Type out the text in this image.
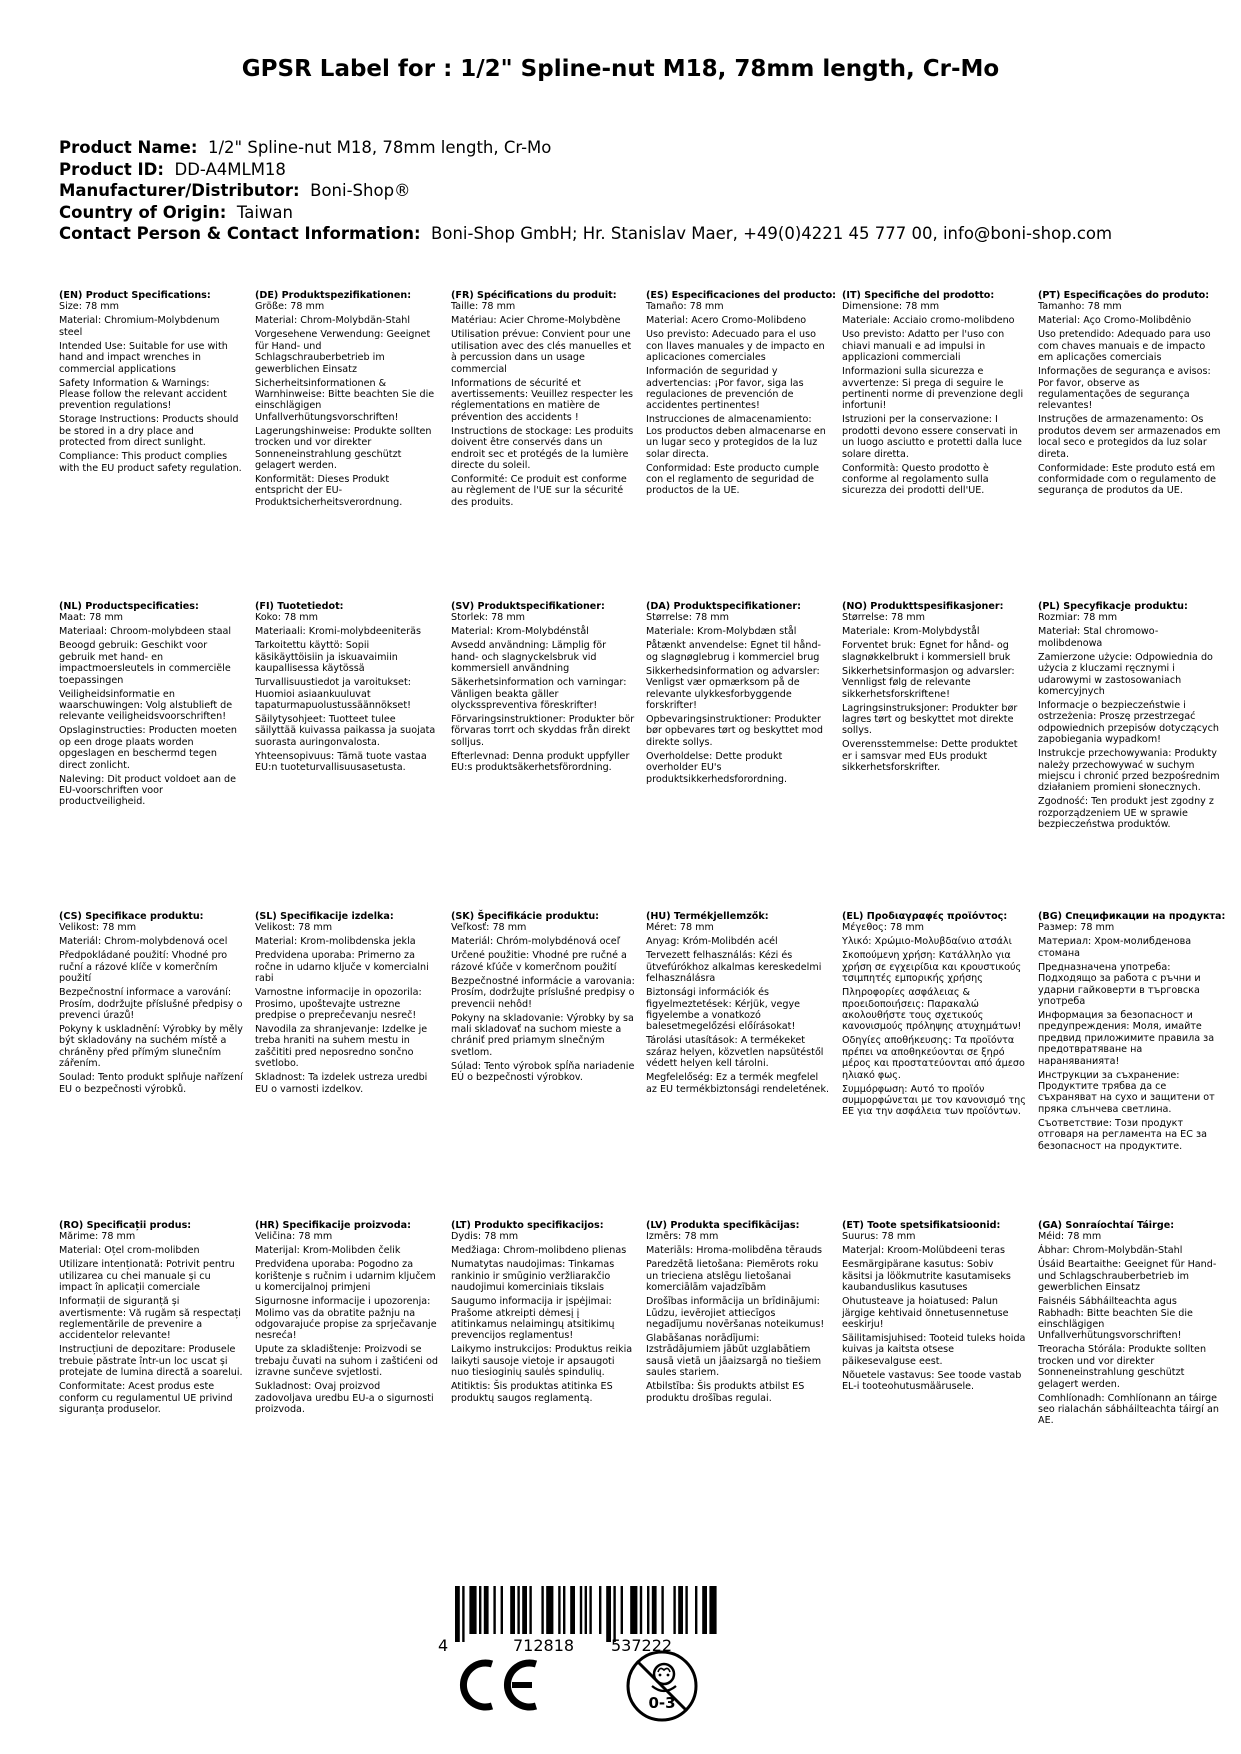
GPSR Label for : 1/2" Spline-nut M18, 78mm length, Cr-Mo
Product Name: 1/2" Spline-nut M18, 78mm length, Cr-Mo
Product ID: DD-A4MLM18
Manufacturer/Distributor: Boni-Shop®
Country of Origin: Taiwan
Contact Person & Contact Information: Boni-Shop GmbH; Hr. Stanislav Maer, +49(0)4221 45 777 00, info@boni-shop.com
(EN) Product Specifications:
Size: 78 mm
Material: Chromium-Molybdenum steel
Intended Use: Suitable for use with hand and impact wrenches in commercial applications
Safety Information & Warnings: Please follow the relevant accident prevention regulations!
Storage Instructions: Products should be stored in a dry place and protected from direct sunlight.
Compliance: This product complies with the EU product safety regulation.
(DE) Produktspezifikationen:
Größe: 78 mm
Material: Chrom-Molybdän-Stahl
Vorgesehene Verwendung: Geeignet für Hand- und Schlagschrauberbetrieb im gewerblichen Einsatz
Sicherheitsinformationen & Warnhinweise: Bitte beachten Sie die einschlägigen Unfallverhütungsvorschriften!
Lagerungshinweise: Produkte sollten trocken und vor direkter Sonneneinstrahlung geschützt gelagert werden.
Konformität: Dieses Produkt entspricht der EU-Produktsicherheitsverordnung.
(FR) Spécifications du produit:
Taille: 78 mm
Matériau: Acier Chrome-Molybdène
Utilisation prévue: Convient pour une utilisation avec des clés manuelles et à percussion dans un usage commercial
Informations de sécurité et avertissements: Veuillez respecter les réglementations en matière de prévention des accidents !
Instructions de stockage: Les produits doivent être conservés dans un endroit sec et protégés de la lumière directe du soleil.
Conformité: Ce produit est conforme au règlement de l'UE sur la sécurité des produits.
(ES) Especificaciones del producto:
Tamaño: 78 mm
Material: Acero Cromo-Molibdeno
Uso previsto: Adecuado para el uso con llaves manuales y de impacto en aplicaciones comerciales
Información de seguridad y advertencias: ¡Por favor, siga las regulaciones de prevención de accidentes pertinentes!
Instrucciones de almacenamiento: Los productos deben almacenarse en un lugar seco y protegidos de la luz solar directa.
Conformidad: Este producto cumple con el reglamento de seguridad de productos de la UE.
(IT) Specifiche del prodotto:
Dimensione: 78 mm
Materiale: Acciaio cromo-molibdeno
Uso previsto: Adatto per l'uso con chiavi manuali e ad impulsi in applicazioni commerciali
Informazioni sulla sicurezza e avvertenze: Si prega di seguire le pertinenti norme di prevenzione degli infortuni!
Istruzioni per la conservazione: I prodotti devono essere conservati in un luogo asciutto e protetti dalla luce solare diretta.
Conformità: Questo prodotto è conforme al regolamento sulla sicurezza dei prodotti dell'UE.
(PT) Especificações do produto:
Tamanho: 78 mm
Material: Aço Cromo-Molibdênio
Uso pretendido: Adequado para uso com chaves manuais e de impacto em aplicações comerciais
Informações de segurança e avisos: Por favor, observe as regulamentações de segurança relevantes!
Instruções de armazenamento: Os produtos devem ser armazenados em local seco e protegidos da luz solar direta.
Conformidade: Este produto está em conformidade com o regulamento de segurança de produtos da UE.
(NL) Productspecificaties:
Maat: 78 mm
Materiaal: Chroom-molybdeen staal
Beoogd gebruik: Geschikt voor gebruik met hand- en impactmoersleutels in commerciële toepassingen
Veiligheidsinformatie en waarschuwingen: Volg alstublieft de relevante veiligheidsvoorschriften!
Opslaginstructies: Producten moeten op een droge plaats worden opgeslagen en beschermd tegen direct zonlicht.
Naleving: Dit product voldoet aan de EU-voorschriften voor productveiligheid.
(FI) Tuotetiedot:
Koko: 78 mm
Materiaali: Kromi-molybdeeniteräs
Tarkoitettu käyttö: Sopii käsikäyttöisiin ja iskuavaimiin kaupallisessa käytössä
Turvallisuustiedot ja varoitukset: Huomioi asiaankuuluvat tapaturmapuolustussäännökset!
Säilytysohjeet: Tuotteet tulee säilyttää kuivassa paikassa ja suojata suorasta auringonvalosta.
Yhteensopivuus: Tämä tuote vastaa EU:n tuoteturvallisuusasetusta.
(SV) Produktspecifikationer:
Storlek: 78 mm
Material: Krom-Molybdénstål
Avsedd användning: Lämplig för hand- och slagnyckelsbruk vid kommersiell användning
Säkerhetsinformation och varningar: Vänligen beakta gäller olycksspreventiva föreskrifter!
Förvaringsinstruktioner: Produkter bör förvaras torrt och skyddas från direkt solljus.
Efterlevnad: Denna produkt uppfyller EU:s produktsäkerhetsförordning.
(DA) Produktspecifikationer:
Størrelse: 78 mm
Materiale: Krom-Molybdæn stål
Påtænkt anvendelse: Egnet til hånd- og slagnøglebrug i kommerciel brug
Sikkerhedsinformation og advarsler: Venligst vær opmærksom på de relevante ulykkesforbyggende forskrifter!
Opbevaringsinstruktioner: Produkter bør opbevares tørt og beskyttet mod direkte sollys.
Overholdelse: Dette produkt overholder EU's produktsikkerhedsforordning.
(NO) Produkttspesifikasjoner:
Størrelse: 78 mm
Materiale: Krom-Molybdystål
Forventet bruk: Egnet for hånd- og slagnøkkelbrukt i kommersiell bruk
Sikkerhetsinformasjon og advarsler: Vennligst følg de relevante sikkerhetsforskriftene!
Lagringsinstruksjoner: Produkter bør lagres tørt og beskyttet mot direkte sollys.
Overensstemmelse: Dette produktet er i samsvar med EUs produkt sikkerhetsforskrifter.
(PL) Specyfikacje produktu:
Rozmiar: 78 mm
Materiał: Stal chromowo-molibdenowa
Zamierzone użycie: Odpowiednia do użycia z kluczami ręcznymi i udarowymi w zastosowaniach komercyjnych
Informacje o bezpieczeństwie i ostrzeżenia: Proszę przestrzegać odpowiednich przepisów dotyczących zapobiegania wypadkom!
Instrukcje przechowywania: Produkty należy przechowywać w suchym miejscu i chronić przed bezpośrednim działaniem promieni słonecznych.
Zgodność: Ten produkt jest zgodny z rozporządzeniem UE w sprawie bezpieczeństwa produktów.
(CS) Specifikace produktu:
Velikost: 78 mm
Materiál: Chrom-molybdenová ocel
Předpokládané použití: Vhodné pro ruční a rázové klíče v komerčním použití
Bezpečnostní informace a varování: Prosím, dodržujte příslušné předpisy o prevenci úrazů!
Pokyny k uskladnění: Výrobky by měly být skladovány na suchém místě a chráněny před přímým slunečním zářením.
Soulad: Tento produkt splňuje nařízení EU o bezpečnosti výrobků.
(SL) Specifikacije izdelka:
Velikost: 78 mm
Material: Krom-molibdenska jekla
Predvidena uporaba: Primerno za ročne in udarno ključe v komercialni rabi
Varnostne informacije in opozorila: Prosimo, upoštevajte ustrezne predpise o preprečevanju nesreč!
Navodila za shranjevanje: Izdelke je treba hraniti na suhem mestu in zaščititi pred neposredno sončno svetlobo.
Skladnost: Ta izdelek ustreza uredbi EU o varnosti izdelkov.
(SK) Špecifikácie produktu:
Veľkosť: 78 mm
Materiál: Chróm-molybdénová oceľ
Určené použitie: Vhodné pre ručné a rázové kľúče v komerčnom použití
Bezpečnostné informácie a varovania: Prosím, dodržujte príslušné predpisy o prevencii nehôd!
Pokyny na skladovanie: Výrobky by sa mali skladovať na suchom mieste a chrániť pred priamym slnečným svetlom.
Súlad: Tento výrobok spĺňa nariadenie EÚ o bezpečnosti výrobkov.
(HU) Termékjellemzők:
Méret: 78 mm
Anyag: Króm-Molibdén acél
Tervezett felhasználás: Kézi és ütvefúrókhoz alkalmas kereskedelmi felhasználásra
Biztonsági információk és figyelmeztetések: Kérjük, vegye figyelembe a vonatkozó balesetmegelőzési előírásokat!
Tárolási utasítások: A termékeket száraz helyen, közvetlen napsütéstől védett helyen kell tárolni.
Megfelelőség: Ez a termék megfelel az EU termékbiztonsági rendeletének.
(EL) Προδιαγραφές προϊόντος:
Μέγεθος: 78 mm
Υλικό: Χρώμιο-Μολυβδαίνιο ατσάλι
Σκοπούμενη χρήση: Κατάλληλο για χρήση σε εγχειρίδια και κρουστικούς τσιμπητές εμπορικής χρήσης
Πληροφορίες ασφάλειας & προειδοποιήσεις: Παρακαλώ ακολουθήστε τους σχετικούς κανονισμούς πρόληψης ατυχημάτων!
Οδηγίες αποθήκευσης: Τα προϊόντα πρέπει να αποθηκεύονται σε ξηρό μέρος και προστατεύονται από άμεσο ηλιακό φως.
Συμμόρφωση: Αυτό το προϊόν συμμορφώνεται με τον κανονισμό της ΕΕ για την ασφάλεια των προϊόντων.
(BG) Спецификации на продукта:
Размер: 78 mm
Материал: Хром-молибденова стомана
Предназначена употреба: Подходящо за работа с ръчни и ударни гайковерти в търговска употреба
Информация за безопасност и предупреждения: Моля, имайте предвид приложимите правила за предотвратяване на нараняванията!
Инструкции за съхранение: Продуктите трябва да се съхраняват на сухо и защитени от пряка слънчева светлина.
Съответствие: Този продукт отговаря на регламента на ЕС за безопасност на продуктите.
(RO) Specificații produs:
Mărime: 78 mm
Material: Oțel crom-molibden
Utilizare intenționată: Potrivit pentru utilizarea cu chei manuale și cu impact în aplicații comerciale
Informații de siguranță și avertismente: Vă rugăm să respectați reglementările de prevenire a accidentelor relevante!
Instrucțiuni de depozitare: Produsele trebuie păstrate într-un loc uscat și protejate de lumina directă a soarelui.
Conformitate: Acest produs este conform cu regulamentul UE privind siguranța produselor.
(HR) Specifikacije proizvoda:
Veličina: 78 mm
Materijal: Krom-Molibden čelik
Predviđena uporaba: Pogodno za korištenje s ručnim i udarnim ključem u komercijalnoj primjeni
Sigurnosne informacije i upozorenja: Molimo vas da obratite pažnju na odgovarajuće propise za sprječavanje nesreća!
Upute za skladištenje: Proizvodi se trebaju čuvati na suhom i zaštićeni od izravne sunčeve svjetlosti.
Sukladnost: Ovaj proizvod zadovoljava uredbu EU-a o sigurnosti proizvoda.
(LT) Produkto specifikacijos:
Dydis: 78 mm
Medžiaga: Chrom-molibdeno plienas
Numatytas naudojimas: Tinkamas rankinio ir smūginio veržliarakčio naudojimui komerciniais tikslais
Saugumo informacija ir įspėjimai: Prašome atkreipti dėmesį į atitinkamus nelaimingų atsitikimų prevencijos reglamentus!
Laikymo instrukcijos: Produktus reikia laikyti sausoje vietoje ir apsaugoti nuo tiesioginių saulės spindulių.
Atitiktis: Šis produktas atitinka ES produktų saugos reglamentą.
(LV) Produkta specifikācijas:
Izmērs: 78 mm
Materiāls: Hroma-molibdēna tērauds
Paredzētā lietošana: Piemērots roku un trieciena atslēgu lietošanai komerciālām vajadzībām
Drošības informācija un brīdinājumi: Lūdzu, ievērojiet attiecīgos negadījumu novēršanas noteikumus!
Glabāšanas norādījumi: Izstrādājumiem jābūt uzglabātiem sausā vietā un jāaizsargā no tiešiem saules stariem.
Atbilstība: Šis produkts atbilst ES produktu drošības regulai.
(ET) Toote spetsifikatsioonid:
Suurus: 78 mm
Materjal: Kroom-Molübdeeni teras
Eesmärgipärane kasutus: Sobiv käsitsi ja löökmutrite kasutamiseks kaubanduslikus kasutuses
Ohutusteave ja hoiatused: Palun järgige kehtivaid õnnetusennetuse eeskirju!
Säilitamisjuhised: Tooteid tuleks hoida kuivas ja kaitsta otsese päikesevalguse eest.
Nõuetele vastavus: See toode vastab EL-i tooteohutusmäärusele.
(GA) Sonraíochtaí Táirge:
Méid: 78 mm
Ábhar: Chrom-Molybdän-Stahl
Úsáid Beartaithe: Geeignet für Hand- und Schlagschrauberbetrieb im gewerblichen Einsatz
Faisnéis Sábháilteachta agus Rabhadh: Bitte beachten Sie die einschlägigen Unfallverhütungsvorschriften!
Treoracha Stórála: Produkte sollten trocken und vor direkter Sonneneinstrahlung geschützt gelagert werden.
Comhlíonadh: Comhlíonann an táirge seo rialachán sábháilteachta táirgí an AE.
4	712818 537222
0-3
